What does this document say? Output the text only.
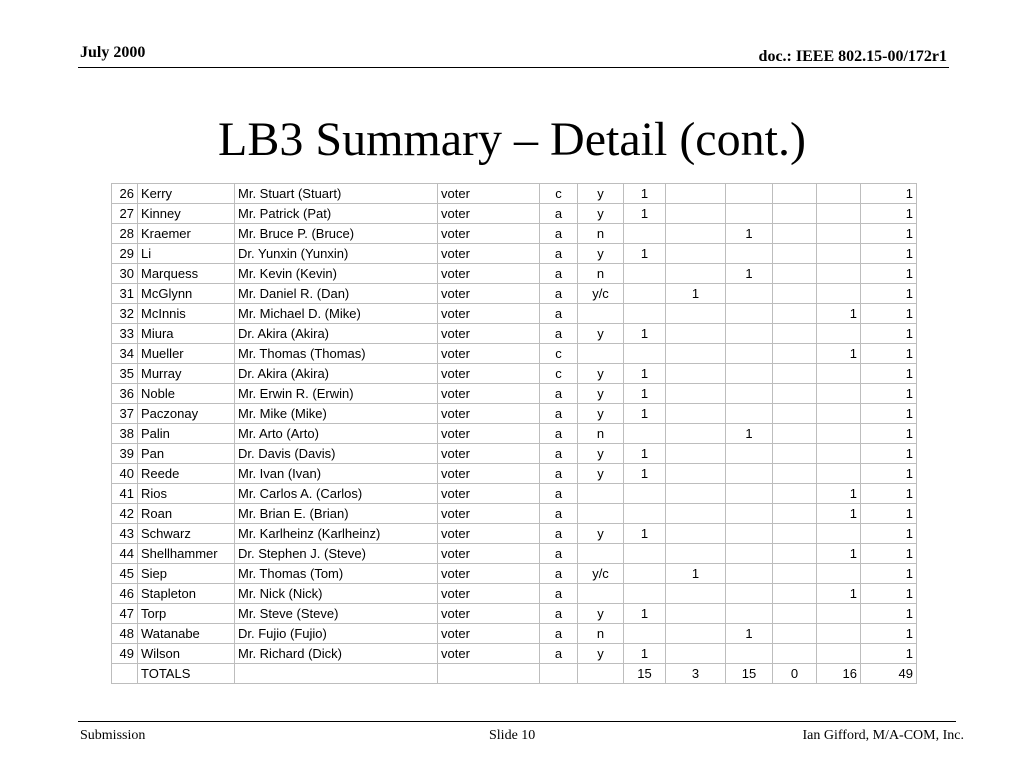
July 2000	doc.: IEEE 802.15-00/172r1
LB3 Summary – Detail (cont.)
26	Kerry	Mr. Stuart (Stuart)	voter	c	y	1					1
27	Kinney	Mr. Patrick (Pat)	voter	a	y	1					1
28	Kraemer	Mr. Bruce P. (Bruce)	voter	a	n			1			1
29	Li	Dr. Yunxin (Yunxin)	voter	a	y	1					1
30	Marquess	Mr. Kevin (Kevin)	voter	a	n			1			1
31	McGlynn	Mr. Daniel R. (Dan)	voter	a	y/c		1				1
32	McInnis	Mr. Michael D. (Mike)	voter	a						1	1
33	Miura	Dr. Akira (Akira)	voter	a	y	1					1
34	Mueller	Mr. Thomas (Thomas)	voter	c						1	1
35	Murray	Dr. Akira (Akira)	voter	c	y	1					1
36	Noble	Mr. Erwin R. (Erwin)	voter	a	y	1					1
37	Paczonay	Mr. Mike (Mike)	voter	a	y	1					1
38	Palin	Mr. Arto (Arto)	voter	a	n			1			1
39	Pan	Dr. Davis (Davis)	voter	a	y	1					1
40	Reede	Mr. Ivan (Ivan)	voter	a	y	1					1
41	Rios	Mr. Carlos A. (Carlos)	voter	a						1	1
42	Roan	Mr. Brian E. (Brian)	voter	a						1	1
43	Schwarz	Mr. Karlheinz (Karlheinz)	voter	a	y	1					1
44	Shellhammer	Dr. Stephen J. (Steve)	voter	a						1	1
45	Siep	Mr. Thomas (Tom)	voter	a	y/c		1				1
46	Stapleton	Mr. Nick (Nick)	voter	a						1	1
47	Torp	Mr. Steve (Steve)	voter	a	y	1					1
48	Watanabe	Dr. Fujio (Fujio)	voter	a	n			1			1
49	Wilson	Mr. Richard (Dick)	voter	a	y	1					1
	TOTALS					15	3	15	0	16	49
Submission	Slide 10	Ian Gifford, M/A-COM, Inc.
